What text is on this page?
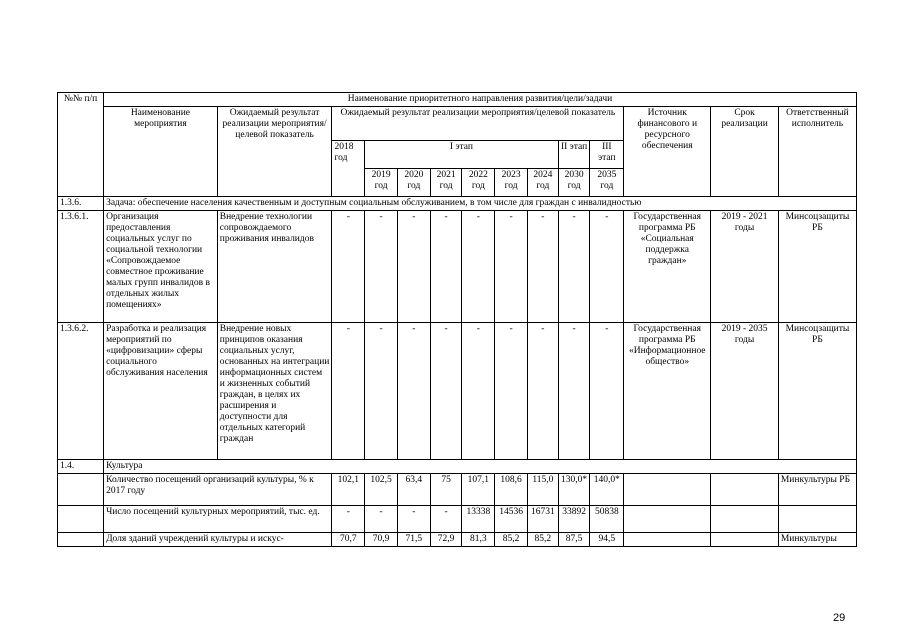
№№ п/п	Наименование приоритетного направления развития/цели/задачи													
	Наименование мероприятия	Ожидаемый результат реализации мероприятия/целевой показатель	Ожидаемый результат реализации мероприятия/целевой показатель									Источник финансового и ресурсного обеспечения	Срок реализации	Ответственный исполнитель
			2018 год	I этап						II этап	III этап			
				2019 год	2020 год	2021 год	2022 год	2023 год	2024 год	2030 год	2035 год			
1.3.6.	Задача: обеспечение населения качественным и доступным социальным обслуживанием, в том числе для граждан с инвалидностью													
1.3.6.1.	Организация предоставления социальных услуг по социальной технологии «Сопровождаемое совместное проживание малых групп инвалидов в отдельных жилых помещениях»	Внедрение технологии сопровождаемого проживания инвалидов	-	-	-	-	-	-	-	-	-	Государственная программа РБ «Социальная поддержка граждан»	2019 - 2021 годы	Минсоцзащиты РБ
1.3.6.2.	Разработка и реализация мероприятий по «цифровизации» сферы социального обслуживания населения	Внедрение новых принципов оказания социальных услуг, основанных на интеграции информационных систем и жизненных событий граждан, в целях их расширения и доступности для отдельных категорий граждан	-	-	-	-	-	-	-	-	-	Государственная программа РБ «Информационное общество»	2019 - 2035 годы	Минсоцзащиты РБ
1.4.	Культура													
	Количество посещений организаций культуры, % к 2017 году		102,1	102,5	63,4	75	107,1	108,6	115,0	130,0*	140,0*			Минкультуры РБ
	Число посещений культурных мероприятий, тыс. ед.		-	-	-	-	13338	14536	16731	33892	50838			
	Доля зданий учреждений культуры и искус-		70,7	70,9	71,5	72,9	81,3	85,2	85,2	87,5	94,5			Минкультуры
29
